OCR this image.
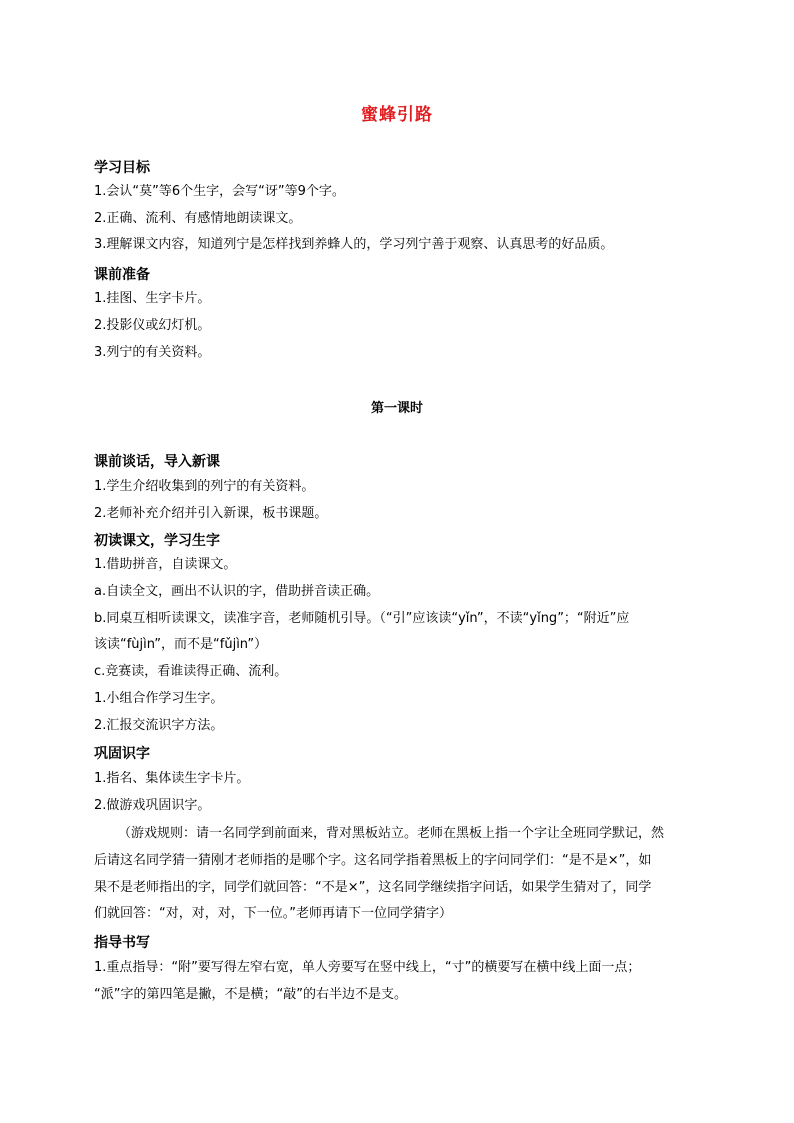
蜜蜂引路
学习目标
1.会认“莫”等6个生字，会写“讶”等9个字。
2.正确、流利、有感情地朗读课文。
3.理解课文内容，知道列宁是怎样找到养蜂人的，学习列宁善于观察、认真思考的好品质。
课前准备
1.挂图、生字卡片。
2.投影仪或幻灯机。
3.列宁的有关资料。
第一课时
课前谈话，导入新课
1.学生介绍收集到的列宁的有关资料。
2.老师补充介绍并引入新课，板书课题。
初读课文，学习生字
1.借助拼音，自读课文。
a.自读全文，画出不认识的字，借助拼音读正确。
b.同桌互相听读课文，读准字音，老师随机引导。（“引”应该读“yǐn”，不读“yǐng”；“附近”应
该读“fùjìn”，而不是“fǔjìn”）
c.竞赛读，看谁读得正确、流利。
1.小组合作学习生字。
2.汇报交流识字方法。
巩固识字
1.指名、集体读生字卡片。
2.做游戏巩固识字。
（游戏规则：请一名同学到前面来，背对黑板站立。老师在黑板上指一个字让全班同学默记，然
后请这名同学猜一猜刚才老师指的是哪个字。这名同学指着黑板上的字问同学们：“是不是×”，如
果不是老师指出的字，同学们就回答：“不是×”，这名同学继续指字问话，如果学生猜对了，同学
们就回答：“对，对，对，下一位。”老师再请下一位同学猜字）
指导书写
1.重点指导：“附”要写得左窄右宽，单人旁要写在竖中线上，“寸”的横要写在横中线上面一点；
“派”字的第四笔是撇，不是横；“敲”的右半边不是支。
